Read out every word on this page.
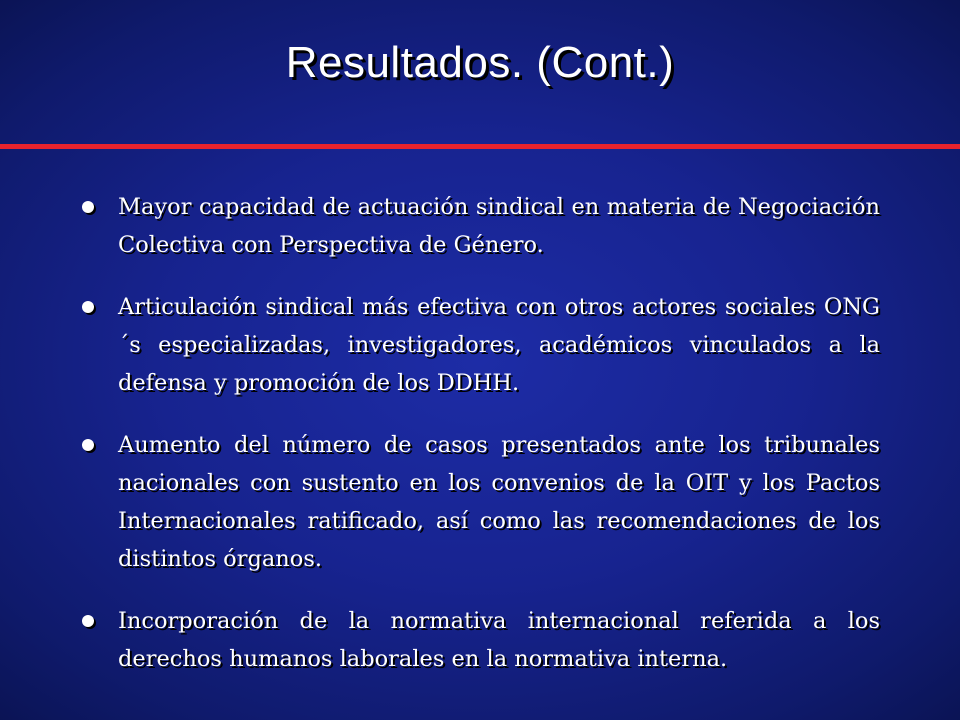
Resultados. (Cont.)
Mayor capacidad de actuación sindical en materia de Negociación Colectiva con Perspectiva de Género.
Articulación sindical más efectiva con otros actores sociales ONG´s especializadas, investigadores, académicos vinculados a la defensa y promoción de los DDHH.
Aumento del número de casos presentados ante los tribunales nacionales con sustento en los convenios de la OIT y los Pactos Internacionales ratificado, así como las recomendaciones de los distintos órganos.
Incorporación de la normativa internacional referida a los derechos humanos laborales en la normativa interna.
